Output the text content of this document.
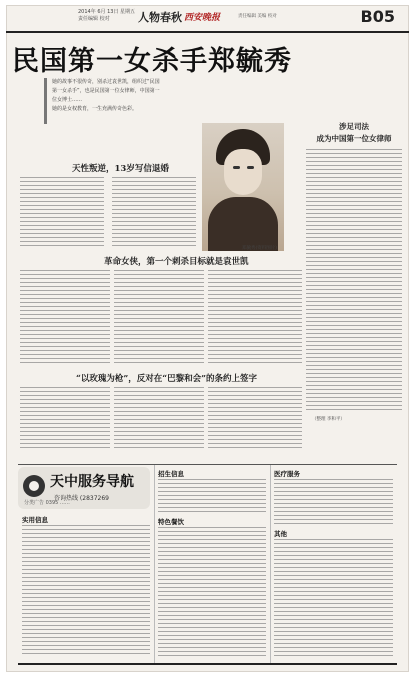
2014年 6月 13日 星期五
责任编辑 校对	人物春秋 西安晚报	责任编辑 美编 校对	B05
民国第一女杀手郑毓秀

她的故事不很传奇，别杀过袁世凯，组织过“民国

第一女杀手”，也是民国第一位女律师，中国第一

位女博士……

她的是女权教育，一生充满传奇色彩。

郑毓秀(资料图片)
涉足司法
成为中国第一位女律师
天性叛逆，13岁写信退婚
革命女侠，第一个刺杀目标就是袁世凯
“以玫瑰为枪”，反对在“巴黎和会”的条约上签字
（整理 李和平）
天中服务导航
咨询热线 (2837269
分类广告 0395 ……
实用信息
招生信息
特色餐饮
医疗服务
其他
